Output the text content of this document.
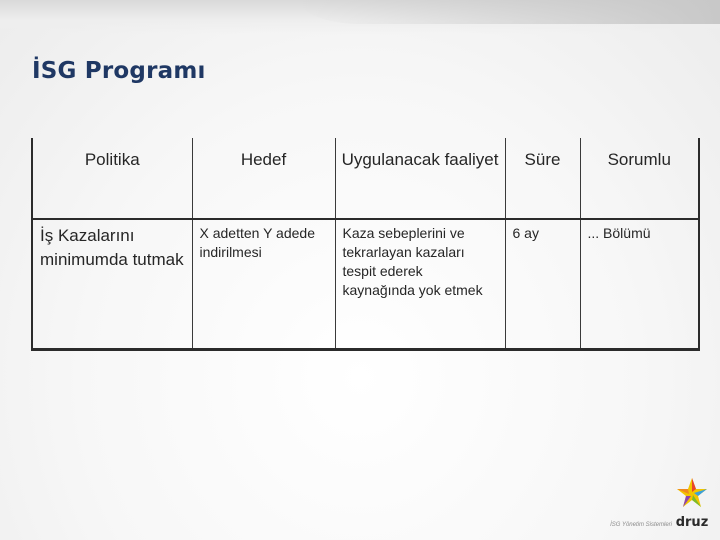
İSG Programı
Politika	Hedef	Uygulanacak faaliyet	Süre	Sorumlu
İş Kazalarını minimumda tutmak	X adetten Y adede indirilmesi	Kaza sebeplerini ve tekrarlayan kazaları tespit ederek kaynağında yok etmek	6 ay	... Bölümü
İSG Yönetim Sistemleri druz
